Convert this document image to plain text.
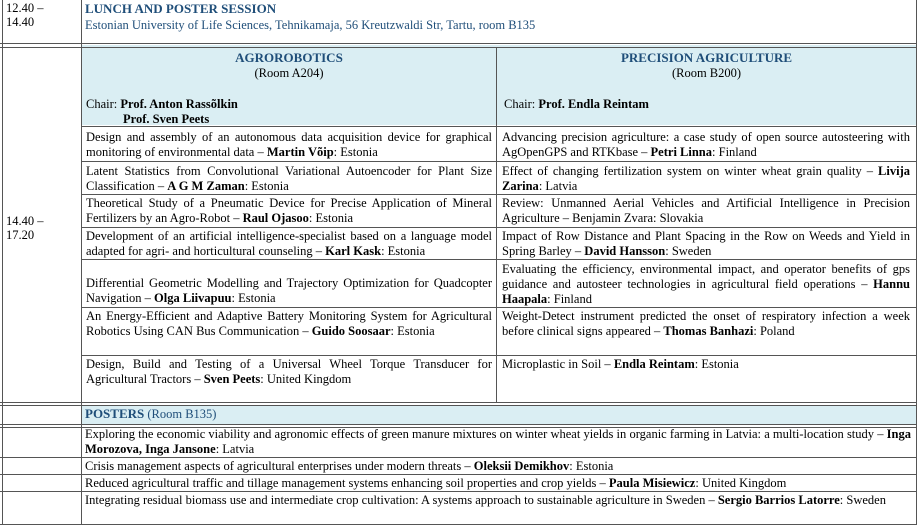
12.40 –
14.40
LUNCH AND POSTER SESSION
Estonian University of Life Sciences, Tehnikamaja, 56 Kreutzwaldi Str, Tartu, room B135
AGROROBOTICS
(Room A204)
Chair: Prof. Anton Rassõlkin
Prof. Sven Peets
PRECISION AGRICULTURE
(Room B200)
Chair: Prof. Endla Reintam
14.40 –
17.20
Design and assembly of an autonomous data acquisition device for graphical monitoring of environmental data – Martin Võip: Estonia
Latent Statistics from Convolutional Variational Autoencoder for Plant Size Classification – A G M Zaman: Estonia
Theoretical Study of a Pneumatic Device for Precise Application of Mineral Fertilizers by an Agro-Robot – Raul Ojasoo: Estonia
Development of an artificial intelligence-specialist based on a language model adapted for agri- and horticultural counseling – Karl Kask: Estonia
Differential Geometric Modelling and Trajectory Optimization for Quadcopter Navigation – Olga Liivapuu: Estonia
An Energy-Efficient and Adaptive Battery Monitoring System for Agricultural Robotics Using CAN Bus Communication – Guido Soosaar: Estonia
Design, Build and Testing of a Universal Wheel Torque Transducer for Agricultural Tractors – Sven Peets: United Kingdom
Advancing precision agriculture: a case study of open source autosteering with AgOpenGPS and RTKbase – Petri Linna: Finland
Effect of changing fertilization system on winter wheat grain quality – Livija Zarina: Latvia
Review: Unmanned Aerial Vehicles and Artificial Intelligence in Precision Agriculture – Benjamin Zvara: Slovakia
Impact of Row Distance and Plant Spacing in the Row on Weeds and Yield in Spring Barley – David Hansson: Sweden
Evaluating the efficiency, environmental impact, and operator benefits of gps guidance and autosteer technologies in agricultural field operations – Hannu Haapala: Finland
Weight-Detect instrument predicted the onset of respiratory infection a week before clinical signs appeared – Thomas Banhazi: Poland
Microplastic in Soil – Endla Reintam: Estonia
POSTERS (Room B135)
Exploring the economic viability and agronomic effects of green manure mixtures on winter wheat yields in organic farming in Latvia: a multi-location study – Inga Morozova, Inga Jansone: Latvia
Crisis management aspects of agricultural enterprises under modern threats – Oleksii Demikhov: Estonia
Reduced agricultural traffic and tillage management systems enhancing soil properties and crop yields – Paula Misiewicz: United Kingdom
Integrating residual biomass use and intermediate crop cultivation: A systems approach to sustainable agriculture in Sweden – Sergio Barrios Latorre: Sweden
